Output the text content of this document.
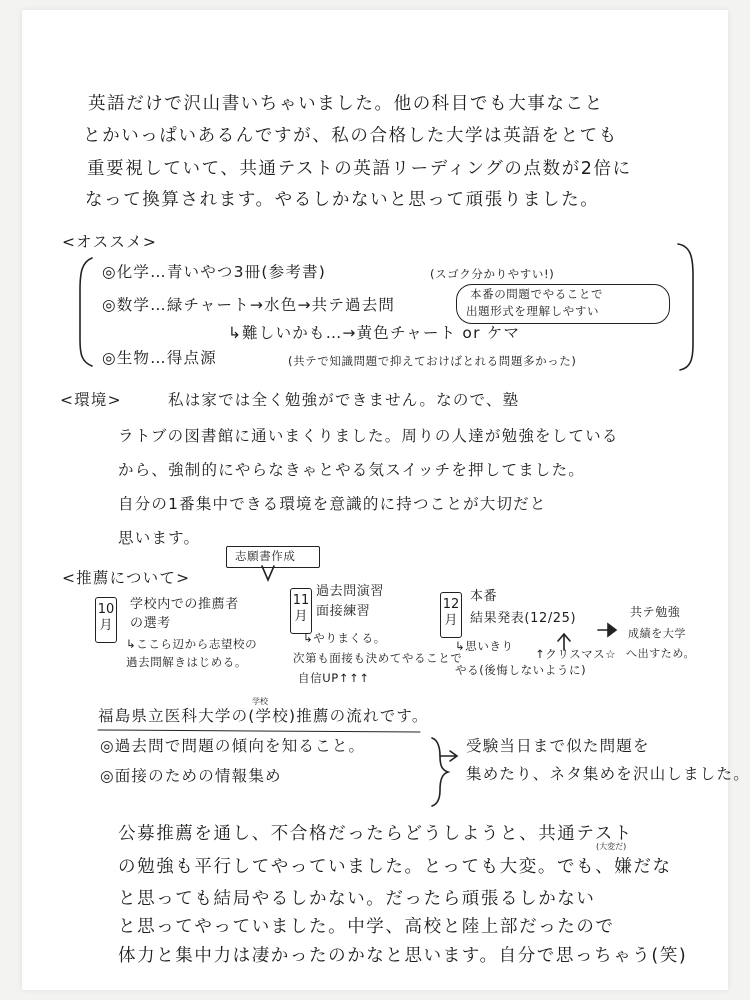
英語だけで沢山書いちゃいました。他の科目でも大事なこと
とかいっぱいあるんですが、私の合格した大学は英語をとても
重要視していて、共通テストの英語リーディングの点数が2倍に
なって換算されます。やるしかないと思って頑張りました。
<オススメ>
◎化学…青いやつ3冊(参考書)	(スゴク分かりやすい!)
◎数学…緑チャート→水色→共テ過去問
本番の問題でやることで
出題形式を理解しやすい
↳難しいかも…→黄色チャート or ケマ
◎生物…得点源	(共テで知識問題で抑えておけばとれる問題多かった)
<環境>	私は家では全く勉強ができません。なので、塾
ラトブの図書館に通いまくりました。周りの人達が勉強をしている
から、強制的にやらなきゃとやる気スイッチを押してました。
自分の1番集中できる環境を意識的に持つことが大切だと
思います。
<推薦について>
志願書作成
10月
学校内での推薦者
の選考
↳ここら辺から志望校の
過去問解きはじめる。
11月
過去問演習
面接練習
↳やりまくる。
次第も面接も決めてやることで
自信UP↑↑↑
12月
本番
結果発表(12/25)
↳思いきり
やる(後悔しないように)
↑クリスマス☆
共テ勉強
成績を大学
へ出すため。
福島県立医科大学の(学校)推薦の流れです。
学校
◎過去問で問題の傾向を知ること。
◎面接のための情報集め
受験当日まで似た問題を
集めたり、ネタ集めを沢山しました。
公募推薦を通し、不合格だったらどうしようと、共通テスト
の勉強も平行してやっていました。とっても大変。でも、嫌だな
(大変だ)
と思っても結局やるしかない。だったら頑張るしかない
と思ってやっていました。中学、高校と陸上部だったので
体力と集中力は凄かったのかなと思います。自分で思っちゃう(笑)
